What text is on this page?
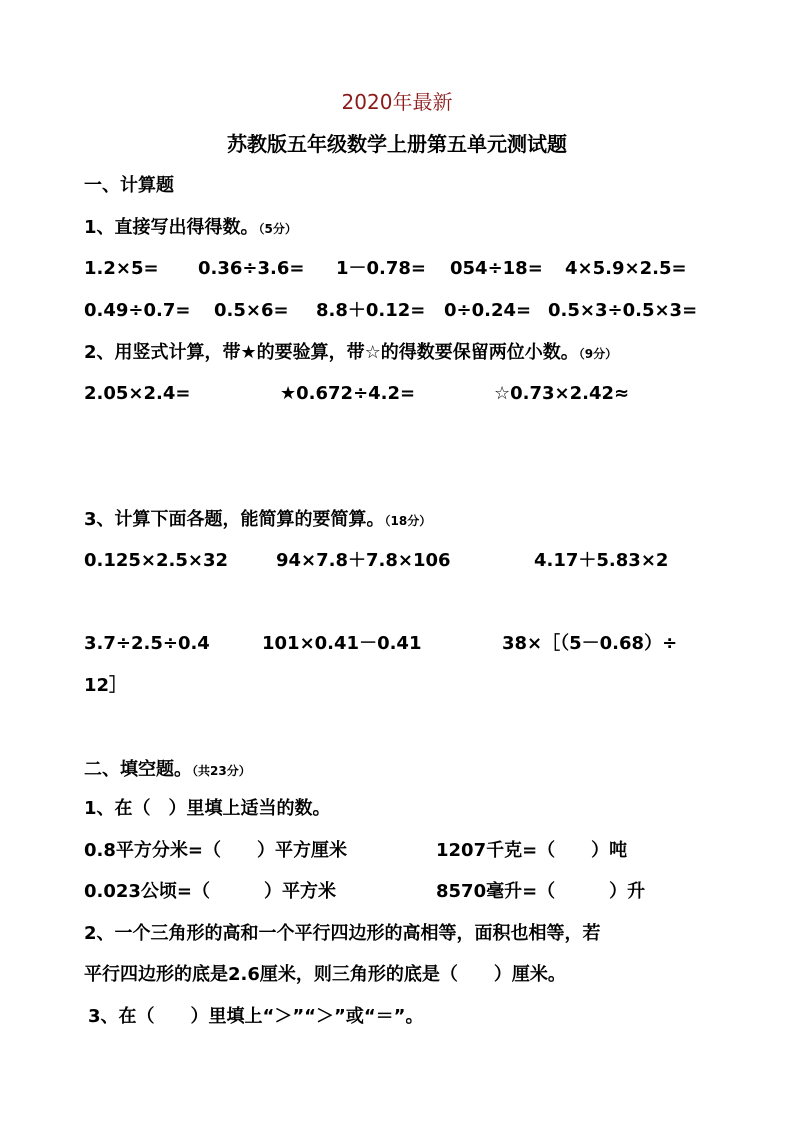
2020年最新
苏教版五年级数学上册第五单元测试题
一、计算题
1、直接写出得得数。（5分）
1.2×5= 0.36÷3.6= 1－0.78= 054÷18= 4×5.9×2.5=
0.49÷0.7= 0.5×6= 8.8＋0.12= 0÷0.24= 0.5×3÷0.5×3=
2、用竖式计算，带★的要验算，带☆的得数要保留两位小数。（9分）
2.05×2.4=	★0.672÷4.2=	☆0.73×2.42≈
3、计算下面各题，能简算的要简算。（18分）
0.125×2.5×32	94×7.8＋7.8×106	4.17＋5.83×2
3.7÷2.5÷0.4	101×0.41－0.41	38×［（5－0.68）÷
12］
二、填空题。（共23分）
1、在（　）里填上适当的数。
0.8平方分米=（　　）平方厘米	1207千克=（　　）吨
0.023公顷=（　　　）平方米	8570毫升=（　　　）升
2、一个三角形的高和一个平行四边形的高相等，面积也相等，若
平行四边形的底是2.6厘米，则三角形的底是（　　）厘米。
3、在（　　）里填上“＞”“＞”或“＝”。
